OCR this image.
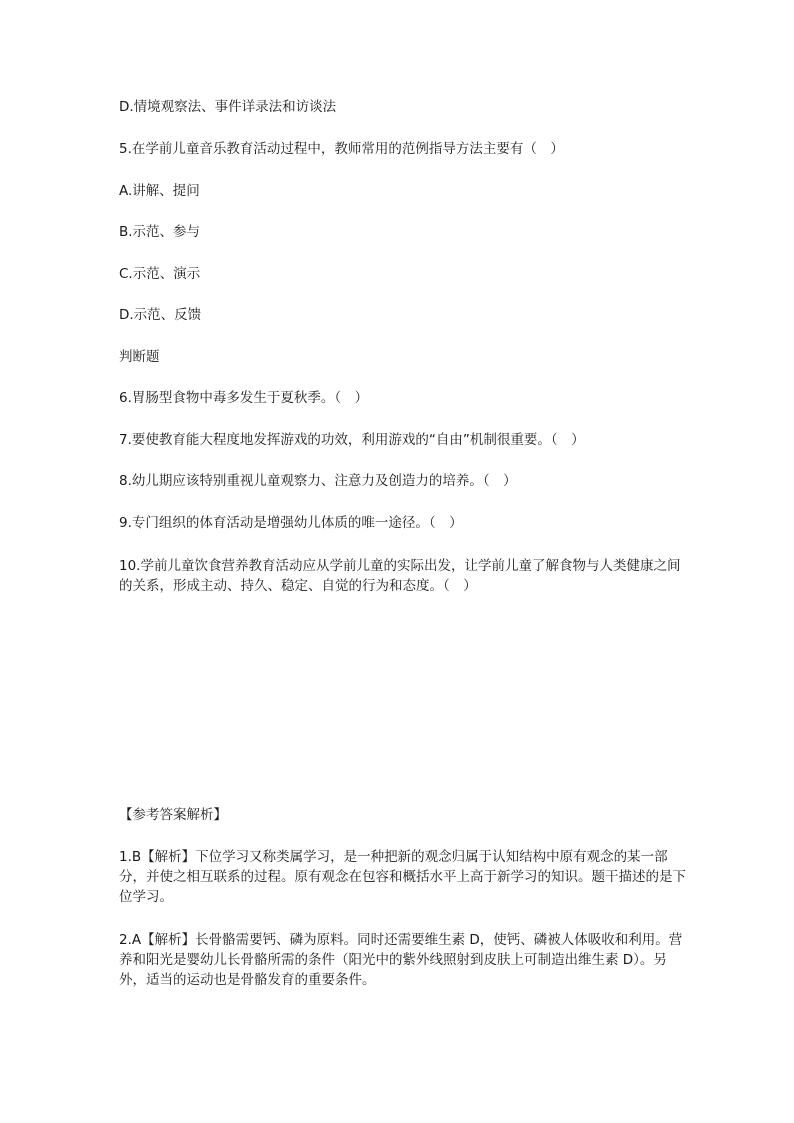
D.情境观察法、事件详录法和访谈法
5.在学前儿童音乐教育活动过程中，教师常用的范例指导方法主要有（　）
A.讲解、提问
B.示范、参与
C.示范、演示
D.示范、反馈
判断题
6.胃肠型食物中毒多发生于夏秋季。（　）
7.要使教育能大程度地发挥游戏的功效，利用游戏的“自由”机制很重要。（　）
8.幼儿期应该特别重视儿童观察力、注意力及创造力的培养。（　）
9.专门组织的体育活动是增强幼儿体质的唯一途径。（　）
10.学前儿童饮食营养教育活动应从学前儿童的实际出发，让学前儿童了解食物与人类健康之间的关系，形成主动、持久、稳定、自觉的行为和态度。（　）
【参考答案解析】
1.B【解析】下位学习又称类属学习，是一种把新的观念归属于认知结构中原有观念的某一部分，并使之相互联系的过程。原有观念在包容和概括水平上高于新学习的知识。题干描述的是下位学习。
2.A【解析】长骨骼需要钙、磷为原料。同时还需要维生素 D，使钙、磷被人体吸收和利用。营养和阳光是婴幼儿长骨骼所需的条件（阳光中的紫外线照射到皮肤上可制造出维生素 D）。另外，适当的运动也是骨骼发育的重要条件。
